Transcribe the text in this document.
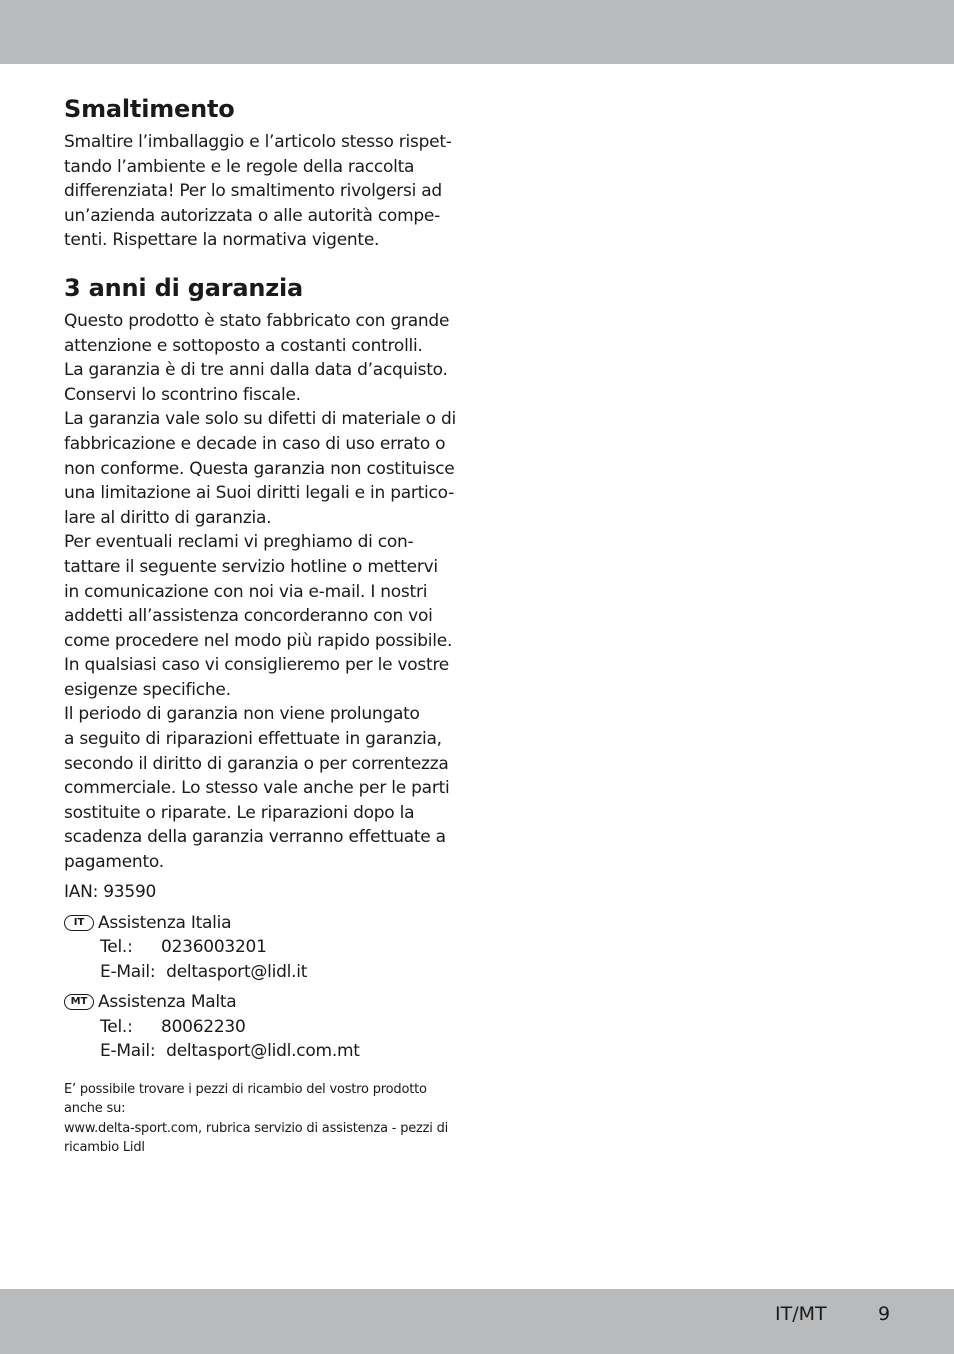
Smaltimento
Smaltire l’imballaggio e l’articolo stesso rispet-
tando l’ambiente e le regole della raccolta
differenziata! Per lo smaltimento rivolgersi ad
un’azienda autorizzata o alle autorità compe-
tenti. Rispettare la normativa vigente.
3 anni di garanzia
Questo prodotto è stato fabbricato con grande
attenzione e sottoposto a costanti controlli.
La garanzia è di tre anni dalla data d’acquisto.
Conservi lo scontrino fiscale.
La garanzia vale solo su difetti di materiale o di
fabbricazione e decade in caso di uso errato o
non conforme. Questa garanzia non costituisce
una limitazione ai Suoi diritti legali e in partico-
lare al diritto di garanzia.
Per eventuali reclami vi preghiamo di con-
tattare il seguente servizio hotline o mettervi
in comunicazione con noi via e-mail. I nostri
addetti all’assistenza concorderanno con voi
come procedere nel modo più rapido possibile.
In qualsiasi caso vi consiglieremo per le vostre
esigenze specifiche.
Il periodo di garanzia non viene prolungato
a seguito di riparazioni effettuate in garanzia,
secondo il diritto di garanzia o per correntezza
commerciale. Lo stesso vale anche per le parti
sostituite o riparate. Le riparazioni dopo la
scadenza della garanzia verranno effettuate a
pagamento.
IAN: 93590
IT Assistenza Italia
Tel.: 0236003201
E-Mail: deltasport@lidl.it
MT Assistenza Malta
Tel.: 80062230
E-Mail: deltasport@lidl.com.mt
E’ possibile trovare i pezzi di ricambio del vostro prodotto
anche su:
www.delta-sport.com, rubrica servizio di assistenza - pezzi di
ricambio Lidl
IT/MT	9
